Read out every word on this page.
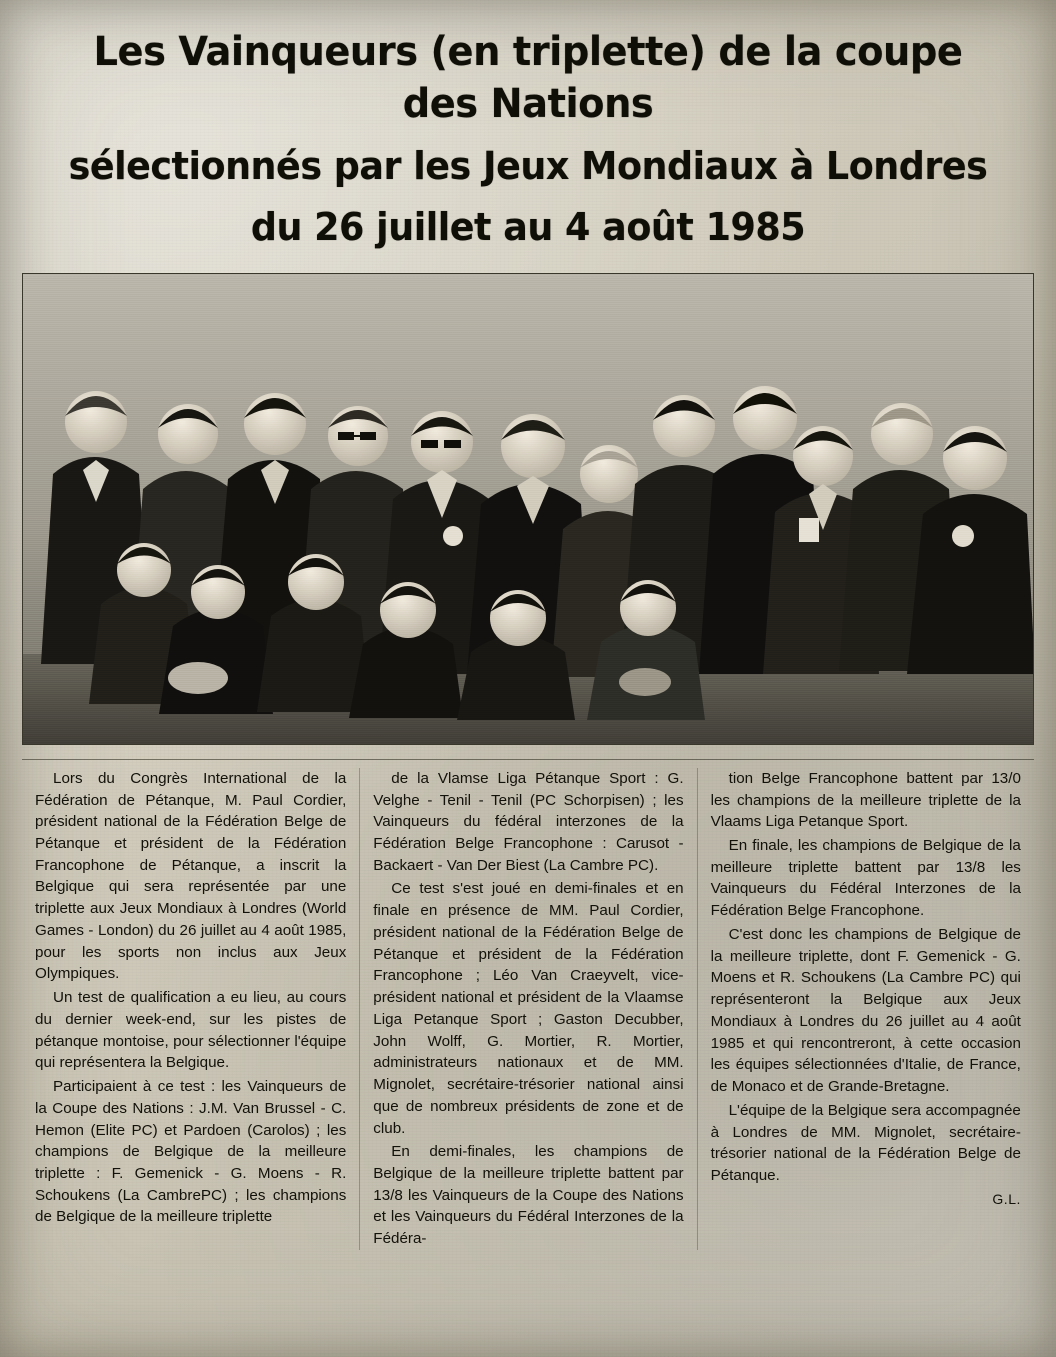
Les Vainqueurs (en triplette) de la coupe des Nations
sélectionnés par les Jeux Mondiaux à Londres
du 26 juillet au 4 août 1985

Lors du Congrès International de la Fédération de Pétanque, M. Paul Cordier, président national de la Fédération Belge de Pétanque et président de la Fédération Francophone de Pétanque, a inscrit la Belgique qui sera représentée par une triplette aux Jeux Mondiaux à Londres (World Games - London) du 26 juillet au 4 août 1985, pour les sports non inclus aux Jeux Olympiques.

Un test de qualification a eu lieu, au cours du dernier week-end, sur les pistes de pétanque montoise, pour sélectionner l'équipe qui représentera la Belgique.

Participaient à ce test : les Vainqueurs de la Coupe des Nations : J.M. Van Brussel - C. Hemon (Elite PC) et Pardoen (Carolos) ; les champions de Belgique de la meilleure triplette : F. Gemenick - G. Moens - R. Schoukens (La CambrePC) ; les champions de Belgique de la meilleure triplette

de la Vlamse Liga Pétanque Sport : G. Velghe - Tenil - Tenil (PC Schorpisen) ; les Vainqueurs du fédéral interzones de la Fédération Belge Francophone : Carusot - Backaert - Van Der Biest (La Cambre PC).

Ce test s'est joué en demi-finales et en finale en présence de MM. Paul Cordier, président national de la Fédération Belge de Pétanque et président de la Fédération Francophone ; Léo Van Craeyvelt, vice-président national et président de la Vlaamse Liga Petanque Sport ; Gaston Decubber, John Wolff, G. Mortier, R. Mortier, administrateurs nationaux et de MM. Mignolet, secrétaire-trésorier national ainsi que de nombreux présidents de zone et de club.

En demi-finales, les champions de Belgique de la meilleure triplette battent par 13/8 les Vainqueurs de la Coupe des Nations et les Vainqueurs du Fédéral Interzones de la Fédéra-

tion Belge Francophone battent par 13/0 les champions de la meilleure triplette de la Vlaams Liga Petanque Sport.

En finale, les champions de Belgique de la meilleure triplette battent par 13/8 les Vainqueurs du Fédéral Interzones de la Fédération Belge Francophone.

C'est donc les champions de Belgique de la meilleure triplette, dont F. Gemenick - G. Moens et R. Schoukens (La Cambre PC) qui représenteront la Belgique aux Jeux Mondiaux à Londres du 26 juillet au 4 août 1985 et qui rencontreront, à cette occasion les équipes sélectionnées d'Italie, de France, de Monaco et de Grande-Bretagne.

L'équipe de la Belgique sera accompagnée à Londres de MM. Mignolet, secrétaire-trésorier national de la Fédération Belge de Pétanque.

G.L.
